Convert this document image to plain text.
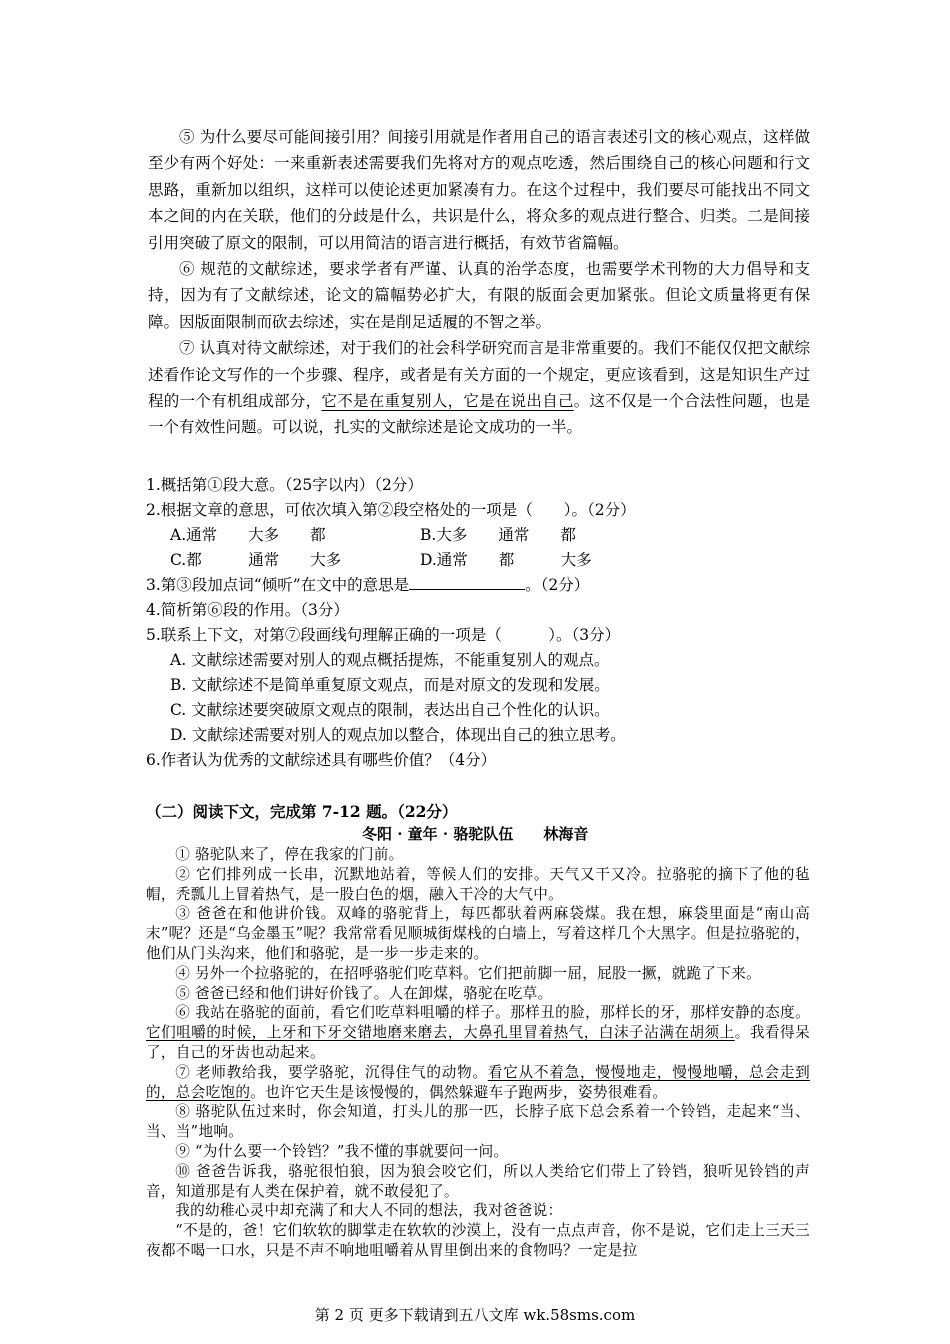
⑤ 为什么要尽可能间接引用？间接引用就是作者用自己的语言表述引文的核心观点，这样做至少有两个好处：一来重新表述需要我们先将对方的观点吃透，然后围绕自己的核心问题和行文思路，重新加以组织，这样可以使论述更加紧凑有力。在这个过程中，我们要尽可能找出不同文本之间的内在关联，他们的分歧是什么，共识是什么，将众多的观点进行整合、归类。二是间接引用突破了原文的限制，可以用简洁的语言进行概括，有效节省篇幅。

⑥ 规范的文献综述，要求学者有严谨、认真的治学态度，也需要学术刊物的大力倡导和支持，因为有了文献综述，论文的篇幅势必扩大，有限的版面会更加紧张。但论文质量将更有保障。因版面限制而砍去综述，实在是削足适履的不智之举。

⑦ 认真对待文献综述，对于我们的社会科学研究而言是非常重要的。我们不能仅仅把文献综述看作论文写作的一个步骤、程序，或者是有关方面的一个规定，更应该看到，这是知识生产过程的一个有机组成部分，它不是在重复别人，它是在说出自己。这不仅是一个合法性问题，也是一个有效性问题。可以说，扎实的文献综述是论文成功的一半。

1.概括第①段大意。（25字以内）（2分）

2.根据文章的意思，可依次填入第②段空格处的一项是（　　）。（2分）

A.通常　　大多　　都	B.大多　　通常　　都

C.都　　　通常　　大多	D.通常　　都　　　大多

3.第③段加点词“倾听”在文中的意思是	。（2分）

4.简析第⑥段的作用。（3分）

5.联系上下文，对第⑦段画线句理解正确的一项是（　　　）。（3分）

A. 文献综述需要对别人的观点概括提炼，不能重复别人的观点。

B. 文献综述不是简单重复原文观点，而是对原文的发现和发展。

C. 文献综述要突破原文观点的限制，表达出自己个性化的认识。

D. 文献综述需要对别人的观点加以整合，体现出自己的独立思考。

6.作者认为优秀的文献综述具有哪些价值？（4分）

（二）阅读下文，完成第 7-12 题。（22分）

冬阳 · 童年 · 骆驼队伍　　林海音

① 骆驼队来了，停在我家的门前。

② 它们排列成一长串，沉默地站着，等候人们的安排。天气又干又冷。拉骆驼的摘下了他的毡帽，秃瓢儿上冒着热气，是一股白色的烟，融入干冷的大气中。

③ 爸爸在和他讲价钱。双峰的骆驼背上，每匹都驮着两麻袋煤。我在想，麻袋里面是“南山高末”呢？还是“乌金墨玉”呢？我常常看见顺城街煤栈的白墙上，写着这样几个大黑字。但是拉骆驼的，他们从门头沟来，他们和骆驼，是一步一步走来的。

④ 另外一个拉骆驼的，在招呼骆驼们吃草料。它们把前脚一屈，屁股一撅，就跪了下来。

⑤ 爸爸已经和他们讲好价钱了。人在卸煤，骆驼在吃草。

⑥ 我站在骆驼的面前，看它们吃草料咀嚼的样子。那样丑的脸，那样长的牙，那样安静的态度。它们咀嚼的时候，上牙和下牙交错地磨来磨去，大鼻孔里冒着热气，白沫子沾满在胡须上。我看得呆了，自己的牙齿也动起来。

⑦ 老师教给我，要学骆驼，沉得住气的动物。看它从不着急，慢慢地走，慢慢地嚼，总会走到的，总会吃饱的。也许它天生是该慢慢的，偶然躲避车子跑两步，姿势很难看。

⑧ 骆驼队伍过来时，你会知道，打头儿的那一匹，长脖子底下总会系着一个铃铛，走起来“当、当、当”地响。

⑨ “为什么要一个铃铛？”我不懂的事就要问一问。

⑩ 爸爸告诉我，骆驼很怕狼，因为狼会咬它们，所以人类给它们带上了铃铛，狼听见铃铛的声音，知道那是有人类在保护着，就不敢侵犯了。

我的幼稚心灵中却充满了和大人不同的想法，我对爸爸说：

“不是的，爸！它们软软的脚掌走在软软的沙漠上，没有一点点声音，你不是说，它们走上三天三夜都不喝一口水，只是不声不响地咀嚼着从胃里倒出来的食物吗？一定是拉

第 2 页 更多下载请到五八文库 wk.58sms.com
